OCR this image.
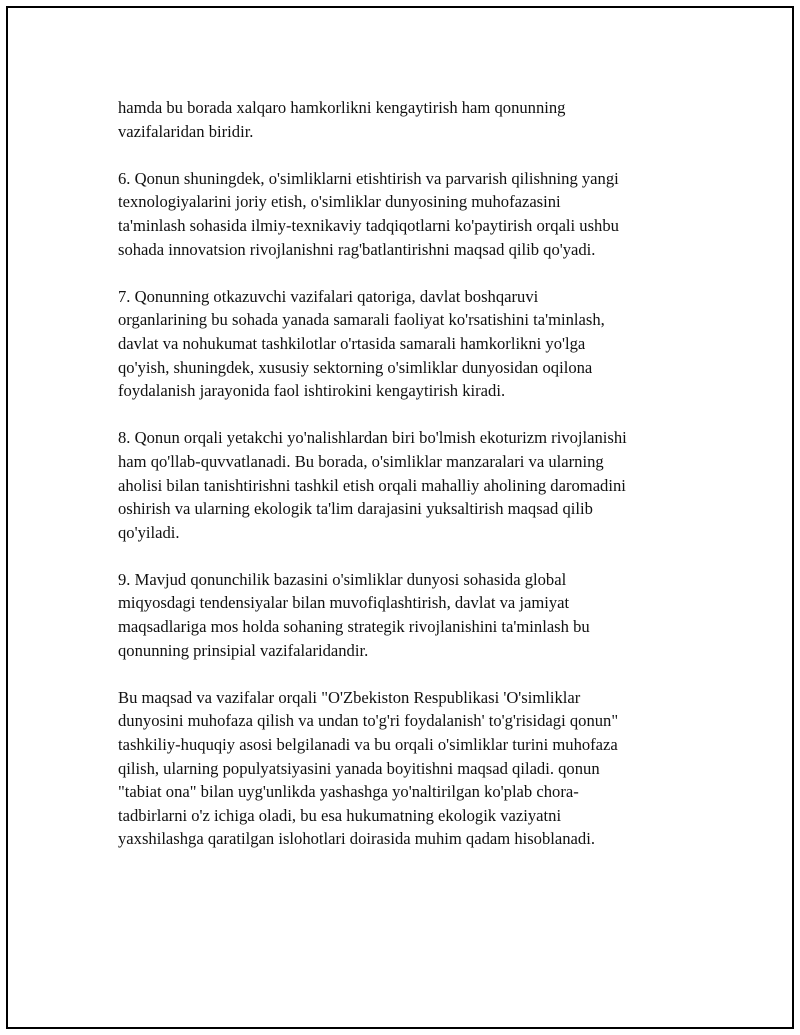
hamda bu borada xalqaro hamkorlikni kengaytirish ham qonunning
vazifalaridan biridir.

6. Qonun shuningdek, o'simliklarni etishtirish va parvarish qilishning yangi
texnologiyalarini joriy etish, o'simliklar dunyosining muhofazasini
ta'minlash sohasida ilmiy-texnikaviy tadqiqotlarni ko'paytirish orqali ushbu
sohada innovatsion rivojlanishni rag'batlantirishni maqsad qilib qo'yadi.

7. Qonunning otkazuvchi vazifalari qatoriga, davlat boshqaruvi
organlarining bu sohada yanada samarali faoliyat ko'rsatishini ta'minlash,
davlat va nohukumat tashkilotlar o'rtasida samarali hamkorlikni yo'lga
qo'yish, shuningdek, xususiy sektorning o'simliklar dunyosidan oqilona
foydalanish jarayonida faol ishtirokini kengaytirish kiradi.

8. Qonun orqali yetakchi yo'nalishlardan biri bo'lmish ekoturizm rivojlanishi
ham qo'llab-quvvatlanadi. Bu borada, o'simliklar manzaralari va ularning
aholisi bilan tanishtirishni tashkil etish orqali mahalliy aholining daromadini
oshirish va ularning ekologik ta'lim darajasini yuksaltirish maqsad qilib
qo'yiladi.

9. Mavjud qonunchilik bazasini o'simliklar dunyosi sohasida global
miqyosdagi tendensiyalar bilan muvofiqlashtirish, davlat va jamiyat
maqsadlariga mos holda sohaning strategik rivojlanishini ta'minlash bu
qonunning prinsipial vazifalaridandir.

Bu maqsad va vazifalar orqali "O'Zbekiston Respublikasi 'O'simliklar
dunyosini muhofaza qilish va undan to'g'ri foydalanish' to'g'risidagi qonun"
tashkiliy-huquqiy asosi belgilanadi va bu orqali o'simliklar turini muhofaza
qilish, ularning populyatsiyasini yanada boyitishni maqsad qiladi. qonun
"tabiat ona" bilan uyg'unlikda yashashga yo'naltirilgan ko'plab chora-
tadbirlarni o'z ichiga oladi, bu esa hukumatning ekologik vaziyatni
yaxshilashga qaratilgan islohotlari doirasida muhim qadam hisoblanadi.
